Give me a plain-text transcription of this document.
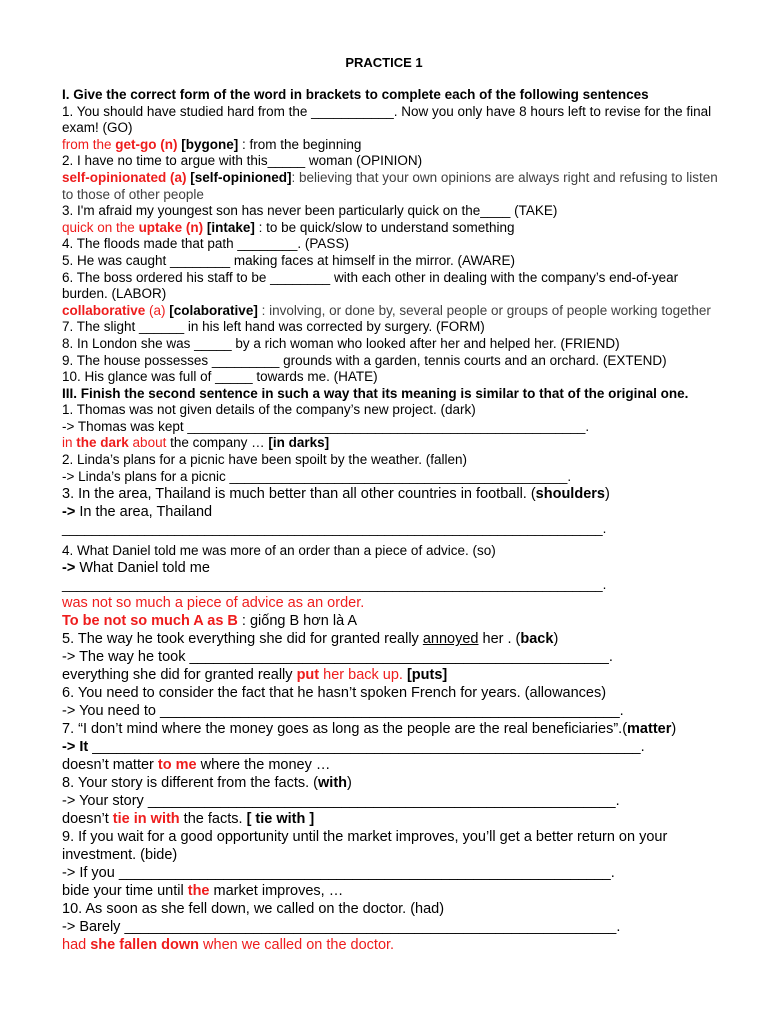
PRACTICE 1
I. Give the correct form of the word in brackets to complete each of the following sentences
1. You should have studied hard from the ___________. Now you only have 8 hours left to revise for the final
exam! (GO)
from the get-go (n) [bygone] : from the beginning
2. I have no time to argue with this_____ woman (OPINION)
self-opinionated (a) [self-opinioned]: believing that your own opinions are always right and refusing to listen
to those of other people
3. I'm afraid my youngest son has never been particularly quick on the____ (TAKE)
quick on the uptake (n) [intake] : to be quick/slow to understand something
4. The floods made that path ________. (PASS)
5. He was caught ________ making faces at himself in the mirror. (AWARE)
6. The boss ordered his staff to be ________ with each other in dealing with the company’s end-of-year
burden. (LABOR)
collaborative (a) [colaborative] : involving, or done by, several people or groups of people working together
7. The slight ______ in his left hand was corrected by surgery. (FORM)
8. In London she was _____ by a rich woman who looked after her and helped her. (FRIEND)
9. The house possesses _________ grounds with a garden, tennis courts and an orchard. (EXTEND)
10. His glance was full of _____ towards me. (HATE)
III. Finish the second sentence in such a way that its meaning is similar to that of the original one.
1. Thomas was not given details of the company’s new project. (dark)
-> Thomas was kept _____________________________________________________.
in the dark about the company … [in darks]
2. Linda’s plans for a picnic have been spoilt by the weather. (fallen)
-> Linda’s plans for a picnic _____________________________________________.
3. In the area, Thailand is much better than all other countries in football. (shoulders)
-> In the area, Thailand
________________________________________________________________________.
4. What Daniel told me was more of an order than a piece of advice. (so)
-> What Daniel told me
________________________________________________________________________.
was not so much a piece of advice as an order.
To be not so much A as B : giống B hơn là A
5. The way he took everything she did for granted really annoyed her . (back)
-> The way he took ____________________________________________________.
everything she did for granted really put her back up. [puts]
6. You need to consider the fact that he hasn’t spoken French for years. (allowances)
-> You need to _________________________________________________________.
7. “I don’t mind where the money goes as long as the people are the real beneficiaries”.(matter)
-> It ____________________________________________________________________.
doesn’t matter to me where the money …
8. Your story is different from the facts. (with)
-> Your story __________________________________________________________.
doesn’t tie in with the facts. [ tie with ]
9. If you wait for a good opportunity until the market improves, you’ll get a better return on your
investment. (bide)
-> If you _____________________________________________________________.
bide your time until the market improves, …
10. As soon as she fell down, we called on the doctor. (had)
-> Barely _____________________________________________________________.
had she fallen down when we called on the doctor.
